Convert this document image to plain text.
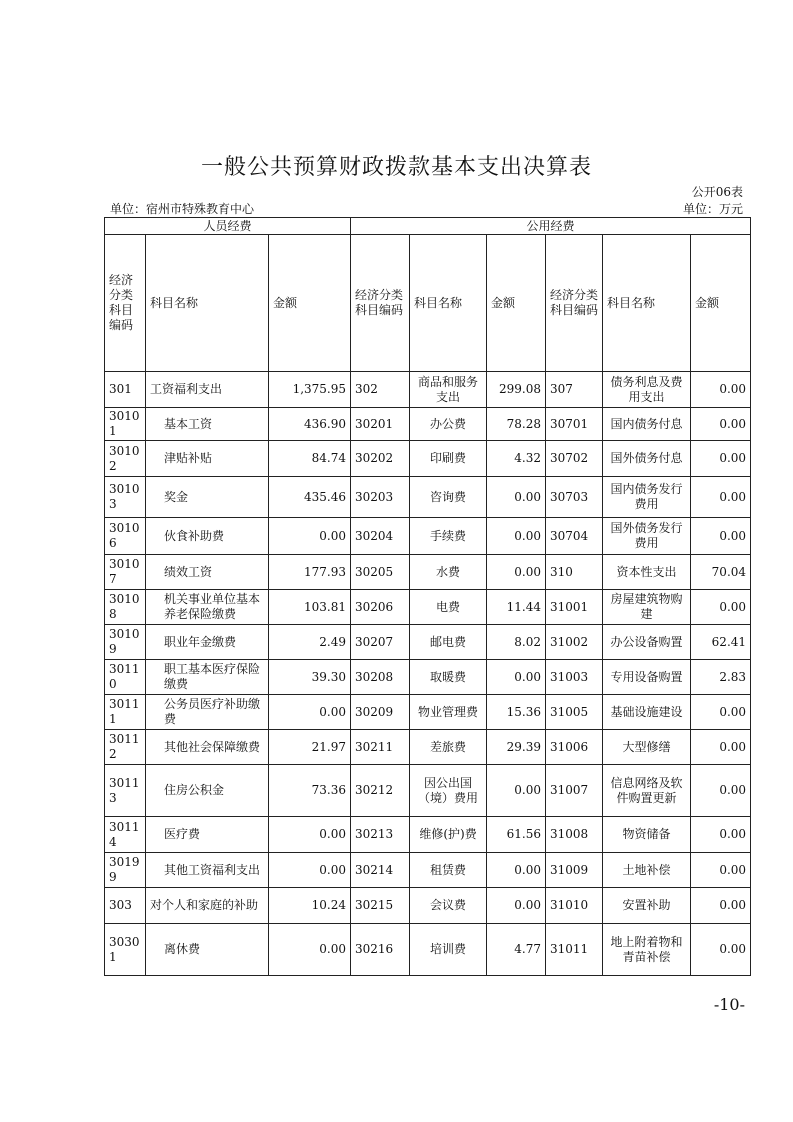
一般公共预算财政拨款基本支出决算表
公开06表
单位：宿州市特殊教育中心	单位：万元
人员经费			公用经费					
经济分类科目编码	科目名称	金额	经济分类科目编码	科目名称	金额	经济分类科目编码	科目名称	金额
301	工资福利支出	1,375.95	302	商品和服务支出	299.08	307	债务利息及费用支出	0.00
30101	基本工资	436.90	30201	办公费	78.28	30701	国内债务付息	0.00
30102	津贴补贴	84.74	30202	印刷费	4.32	30702	国外债务付息	0.00
30103	奖金	435.46	30203	咨询费	0.00	30703	国内债务发行费用	0.00
30106	伙食补助费	0.00	30204	手续费	0.00	30704	国外债务发行费用	0.00
30107	绩效工资	177.93	30205	水费	0.00	310	资本性支出	70.04
30108	机关事业单位基本养老保险缴费	103.81	30206	电费	11.44	31001	房屋建筑物购建	0.00
30109	职业年金缴费	2.49	30207	邮电费	8.02	31002	办公设备购置	62.41
30110	职工基本医疗保险缴费	39.30	30208	取暖费	0.00	31003	专用设备购置	2.83
30111	公务员医疗补助缴费	0.00	30209	物业管理费	15.36	31005	基础设施建设	0.00
30112	其他社会保障缴费	21.97	30211	差旅费	29.39	31006	大型修缮	0.00
30113	住房公积金	73.36	30212	因公出国（境）费用	0.00	31007	信息网络及软件购置更新	0.00
30114	医疗费	0.00	30213	维修(护)费	61.56	31008	物资储备	0.00
30199	其他工资福利支出	0.00	30214	租赁费	0.00	31009	土地补偿	0.00
303	对个人和家庭的补助	10.24	30215	会议费	0.00	31010	安置补助	0.00
30301	离休费	0.00	30216	培训费	4.77	31011	地上附着物和青苗补偿	0.00
-10-
